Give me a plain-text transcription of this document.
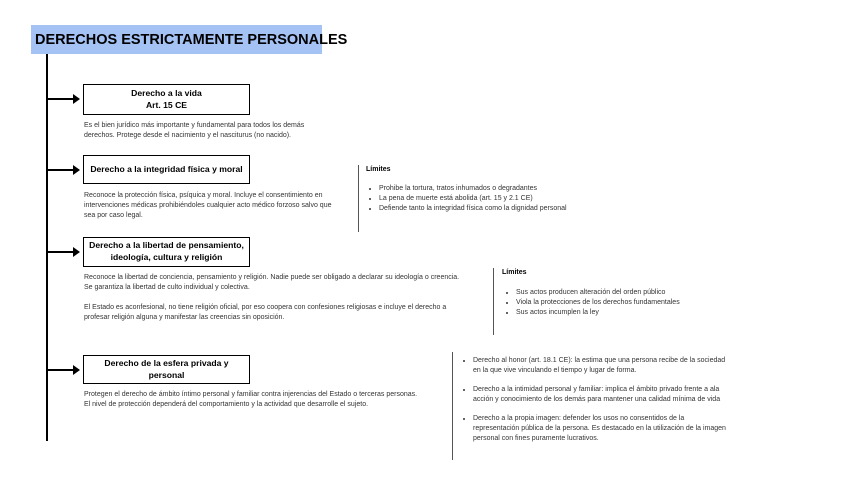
DERECHOS ESTRICTAMENTE PERSONALES
Derecho a la vida
Art. 15 CE

Es el bien jurídico más importante y fundamental para todos los demás derechos. Protege desde el nacimiento y el nasciturus (no nacido).

Derecho a la integridad física y moral

Reconoce la protección física, psíquica y moral. Incluye el consentimiento en intervenciones médicas prohibiéndoles cualquier acto médico forzoso salvo que sea por caso legal.

Límites
• Prohibe la tortura, tratos inhumados o degradantes
• La pena de muerte está abolida (art. 15 y 2.1 CE)
• Defiende tanto la integridad física como la dignidad personal
Derecho a la libertad de pensamiento,
ideología, cultura y religión

Reconoce la libertad de conciencia, pensamiento y religión. Nadie puede ser obligado a declarar su ideología o creencia.

Se garantiza la libertad de culto individual y colectiva.

El Estado es aconfesional, no tiene religión oficial, por eso coopera con confesiones religiosas e incluye el derecho a profesar religión alguna y manifestar las creencias sin oposición.

Límites
• Sus actos producen alteración del orden público
• Viola la protecciones de los derechos fundamentales
• Sus actos incumplen la ley
Derecho de la esfera privada y
personal

Protegen el derecho de ámbito íntimo personal y familiar contra injerencias del Estado o terceras personas.

El nivel de protección dependerá del comportamiento y la actividad que desarrolle el sujeto.

• Derecho al honor (art. 18.1 CE): la estima que una persona recibe de la sociedad en la que vive vinculando el tiempo y lugar de forma.
• Derecho a la intimidad personal y familiar: implica el ámbito privado frente a ala acción y conocimiento de los demás para mantener una calidad mínima de vida
• Derecho a la propia imagen: defender los usos no consentidos de la representación pública de la persona. Es destacado en la utilización de la imagen personal con fines puramente lucrativos.
